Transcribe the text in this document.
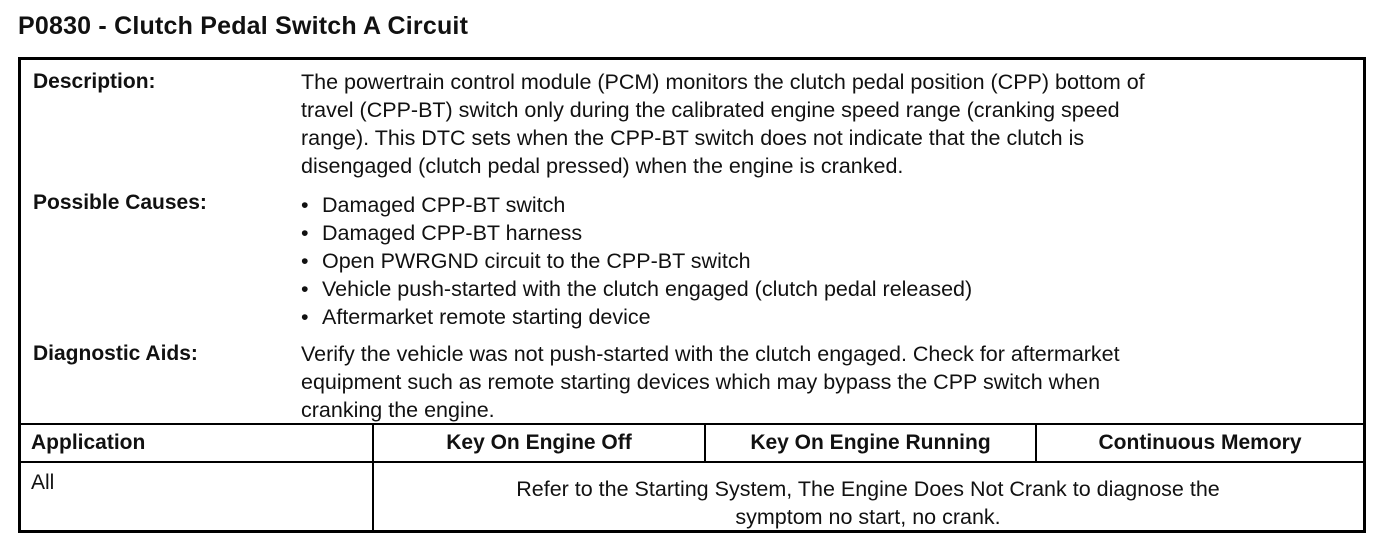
P0830 - Clutch Pedal Switch A Circuit
Description:	The powertrain control module (PCM) monitors the clutch pedal position (CPP) bottom of
travel (CPP-BT) switch only during the calibrated engine speed range (cranking speed
range). This DTC sets when the CPP-BT switch does not indicate that the clutch is
disengaged (clutch pedal pressed) when the engine is cranked.
Possible Causes:	• Damaged CPP-BT switch
• Damaged CPP-BT harness
• Open PWRGND circuit to the CPP-BT switch
• Vehicle push-started with the clutch engaged (clutch pedal released)
• Aftermarket remote starting device
Diagnostic Aids:	Verify the vehicle was not push-started with the clutch engaged. Check for aftermarket
equipment such as remote starting devices which may bypass the CPP switch when
cranking the engine.
Application	Key On Engine Off	Key On Engine Running	Continuous Memory
All	Refer to the Starting System, The Engine Does Not Crank to diagnose the
symptom no start, no crank.
